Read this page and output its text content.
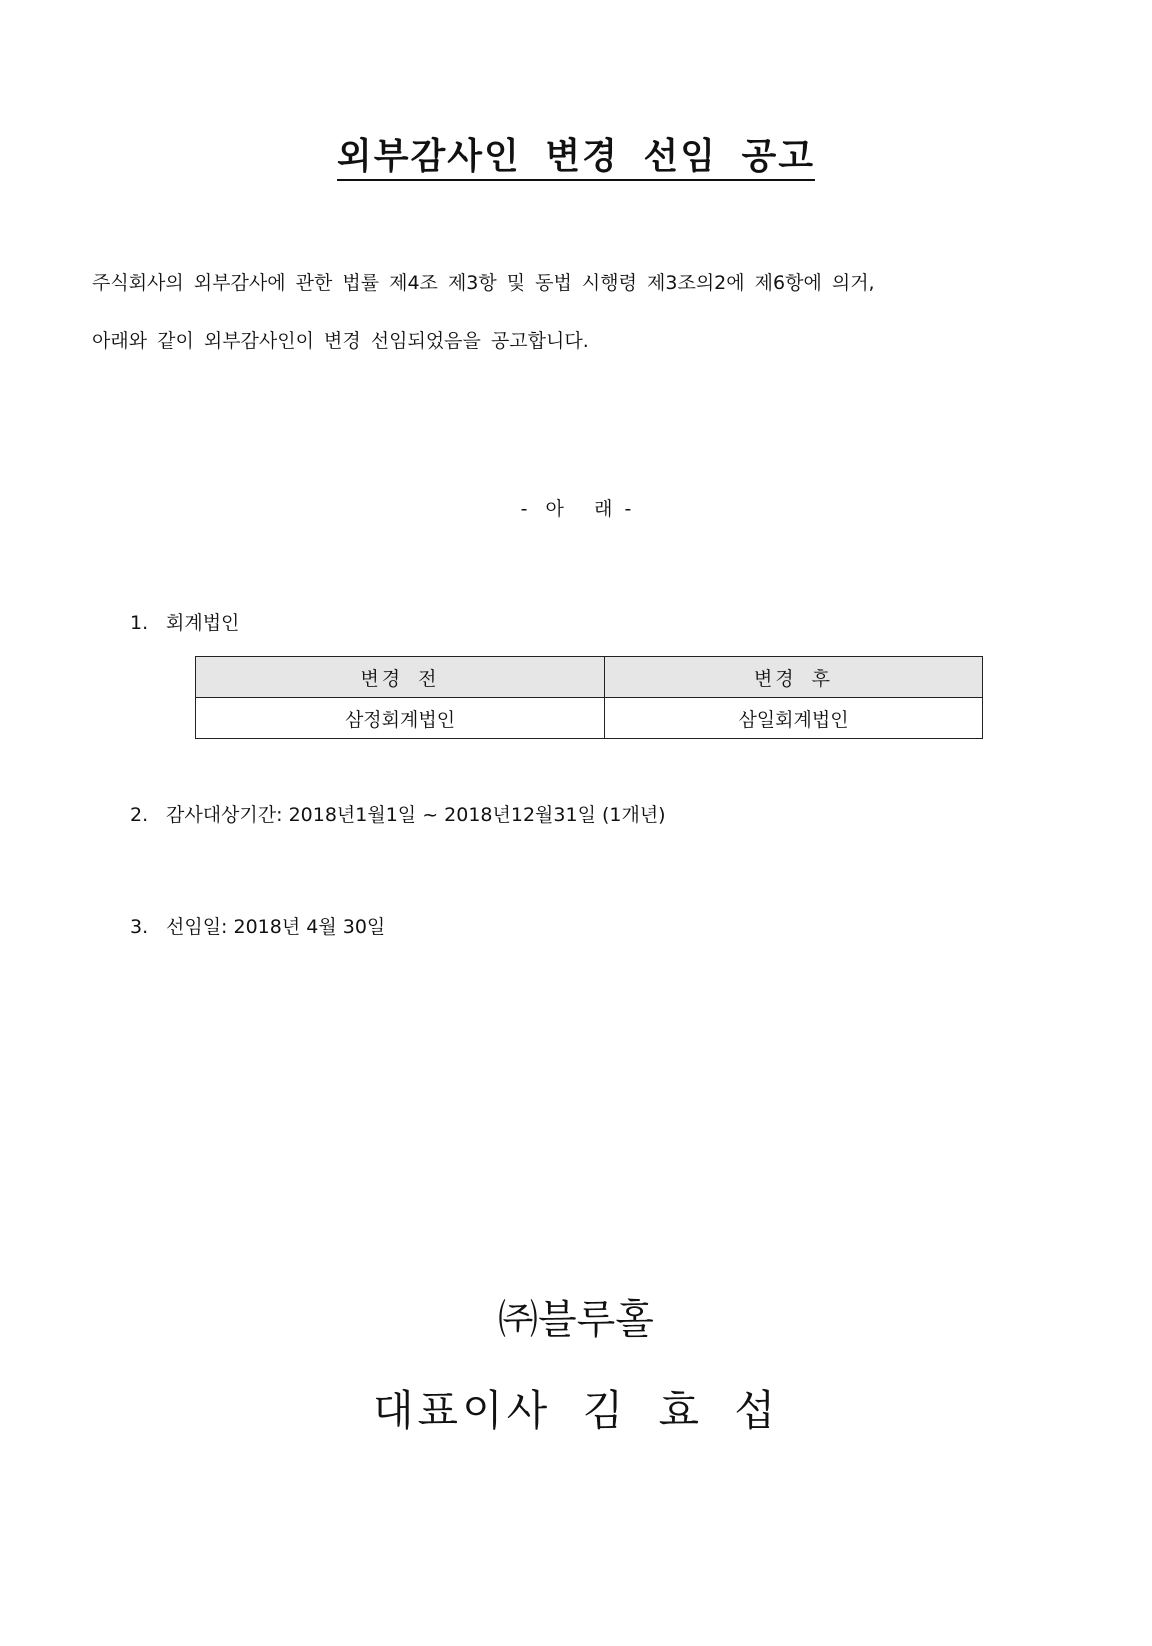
외부감사인 변경 선임 공고
주식회사의 외부감사에 관한 법률 제4조 제3항 및 동법 시행령 제3조의2에 제6항에 의거,
아래와 같이 외부감사인이 변경 선임되었음을 공고합니다.
-   아     래  -
1. 회계법인
변경 전	변경 후
삼정회계법인	삼일회계법인
2. 감사대상기간: 2018년1월1일 ~ 2018년12월31일 (1개년)
3. 선임일: 2018년 4월 30일
㈜블루홀
대표이사 김 효 섭
